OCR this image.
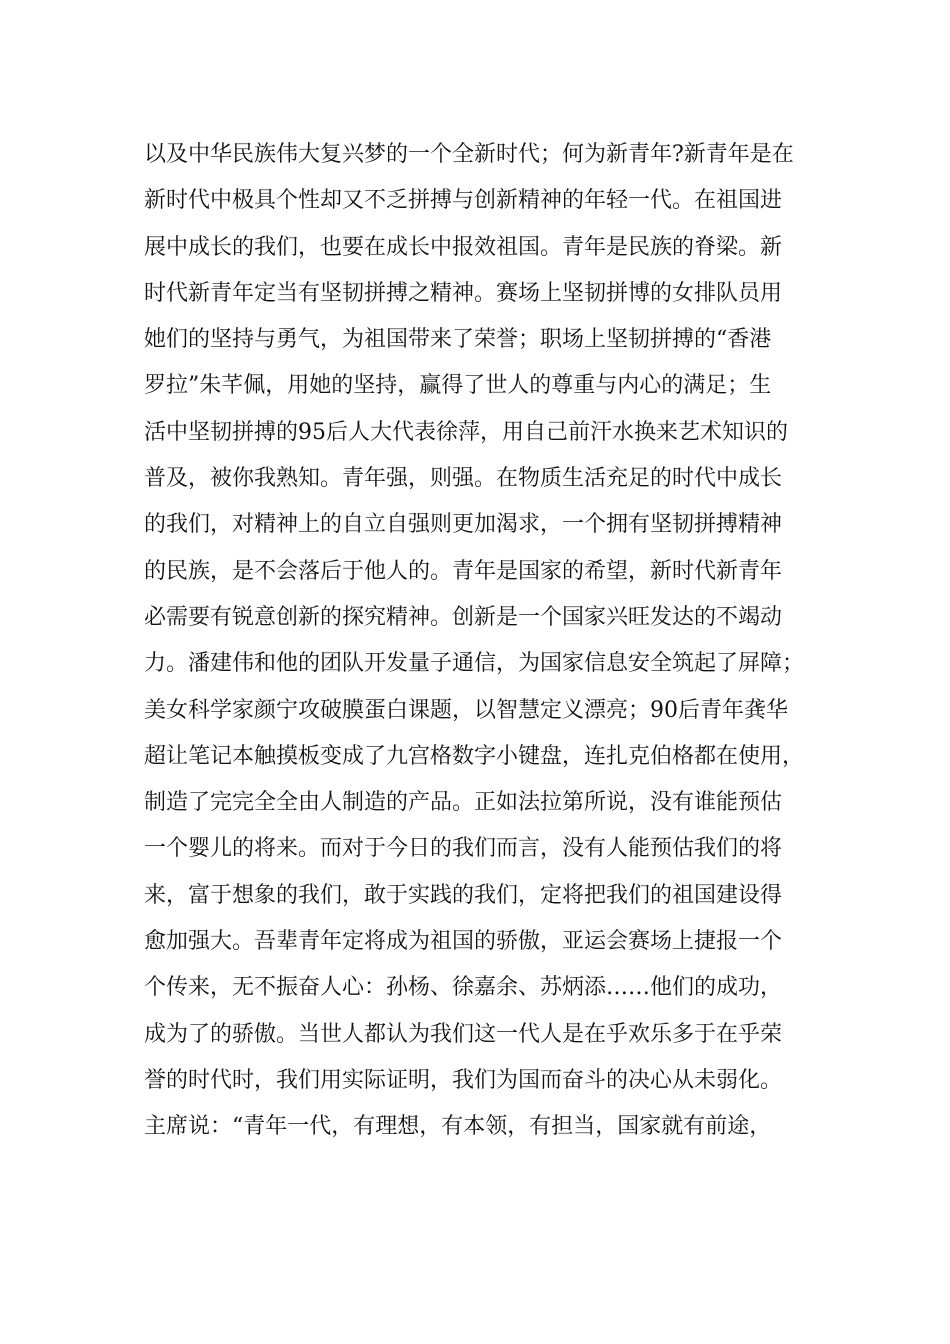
以及中华民族伟大复兴梦的一个全新时代；何为新青年?新青年是在
新时代中极具个性却又不乏拼搏与创新精神的年轻一代。在祖国进
展中成长的我们，也要在成长中报效祖国。青年是民族的脊梁。新
时代新青年定当有坚韧拼搏之精神。赛场上坚韧拼博的女排队员用
她们的坚持与勇气，为祖国带来了荣誉；职场上坚韧拼搏的“香港
罗拉”朱芊佩，用她的坚持，赢得了世人的尊重与内心的满足；生
活中坚韧拼搏的95后人大代表徐萍，用自己前汗水换来艺术知识的
普及，被你我熟知。青年强，则强。在物质生活充足的时代中成长
的我们，对精神上的自立自强则更加渴求，一个拥有坚韧拼搏精神
的民族，是不会落后于他人的。青年是国家的希望，新时代新青年
必需要有锐意创新的探究精神。创新是一个国家兴旺发达的不竭动
力。潘建伟和他的团队开发量子通信，为国家信息安全筑起了屏障；
美女科学家颜宁攻破膜蛋白课题，以智慧定义漂亮；90后青年龚华
超让笔记本触摸板变成了九宫格数字小键盘，连扎克伯格都在使用，
制造了完完全全由人制造的产品。正如法拉第所说，没有谁能预估
一个婴儿的将来。而对于今日的我们而言，没有人能预估我们的将
来，富于想象的我们，敢于实践的我们，定将把我们的祖国建设得
愈加强大。吾辈青年定将成为祖国的骄傲，亚运会赛场上捷报一个
个传来，无不振奋人心：孙杨、徐嘉余、苏炳添……他们的成功，
成为了的骄傲。当世人都认为我们这一代人是在乎欢乐多于在乎荣
誉的时代时，我们用实际证明，我们为国而奋斗的决心从未弱化。
主席说：“青年一代，有理想，有本领，有担当，国家就有前途，
